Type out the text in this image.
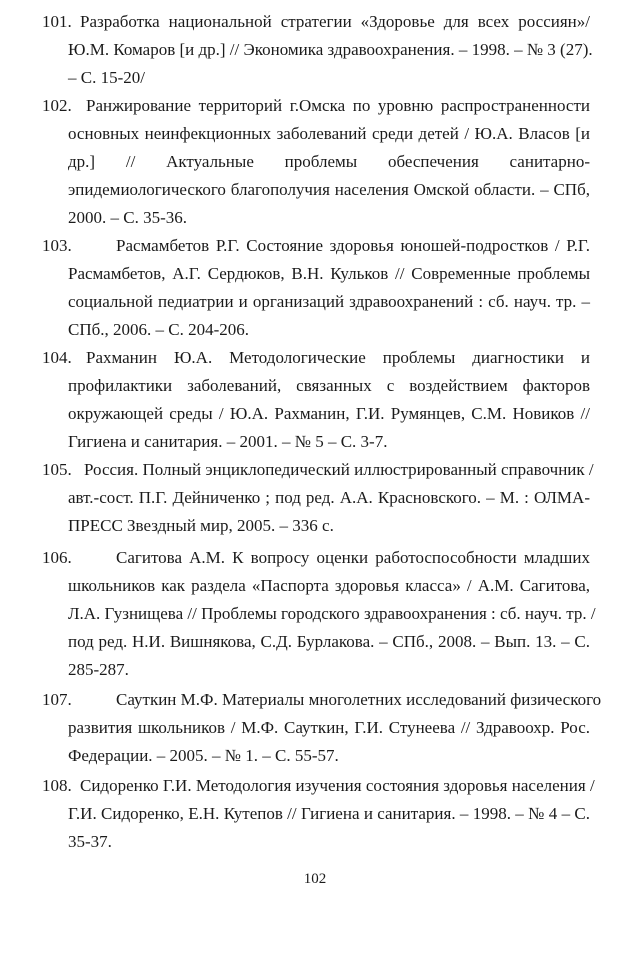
101. Разработка национальной стратегии «Здоровье для всех россиян»/
Ю.М. Комаров [и др.] // Экономика здравоохранения. – 1998. – № 3 (27).
– С. 15-20/
102. Ранжирование территорий г.Омска по уровню распространенности
основных неинфекционных заболеваний среди детей / Ю.А. Власов [и
др.] // Актуальные проблемы обеспечения санитарно-
эпидемиологического благополучия населения Омской области. – СПб,
2000. – С. 35-36.
103.	Расмамбетов Р.Г. Состояние здоровья юношей-подростков / Р.Г.
Расмамбетов, А.Г. Сердюков, В.Н. Кульков // Современные проблемы
социальной педиатрии и организаций здравоохранений : сб. науч. тр. –
СПб., 2006. – С. 204-206.
104. Рахманин Ю.А. Методологические проблемы диагностики и
профилактики заболеваний, связанных с воздействием факторов
окружающей среды / Ю.А. Рахманин, Г.И. Румянцев, С.М. Новиков //
Гигиена и санитария. – 2001. – № 5 – С. 3-7.
105. Россия. Полный энциклопедический иллюстрированный справочник /
авт.-сост. П.Г. Дейниченко ; под ред. А.А. Красновского. – М. : ОЛМА-
ПРЕСС Звездный мир, 2005. – 336 с.
106.	Сагитова А.М. К вопросу оценки работоспособности младших
школьников как раздела «Паспорта здоровья класса» / А.М. Сагитова,
Л.А. Гузнищева // Проблемы городского здравоохранения : сб. науч. тр. /
под ред. Н.И. Вишнякова, С.Д. Бурлакова. – СПб., 2008. – Вып. 13. – С.
285-287.
107.	Сауткин М.Ф. Материалы многолетних исследований физического
развития школьников / М.Ф. Сауткин, Г.И. Стунеева // Здравоохр. Рос.
Федерации. – 2005. – № 1. – С. 55-57.
108. Сидоренко Г.И. Методология изучения состояния здоровья населения /
Г.И. Сидоренко, Е.Н. Кутепов // Гигиена и санитария. – 1998. – № 4 – С.
35-37.
102
